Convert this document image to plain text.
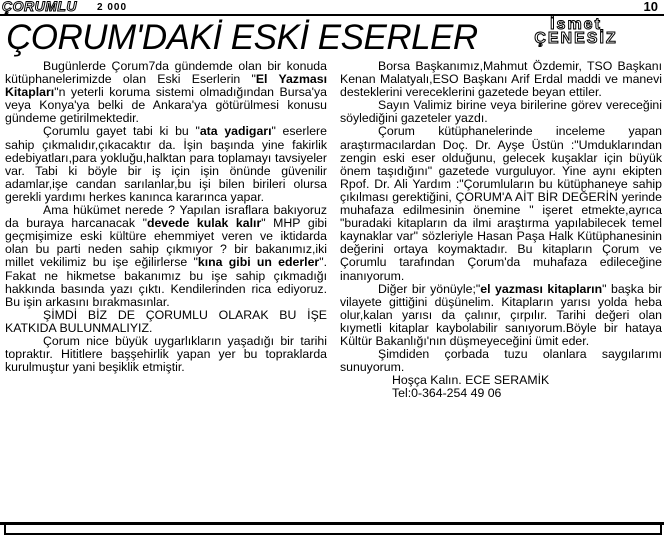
ÇORUMLU 2 000	10
ÇORUM'DAKİ ESKİ ESERLER	İsmet
ÇENESİZ

Bugünlerde Çorum7da gündemde olan bir konuda kütüphanelerimizde olan Eski Eserlerin "El Yazması Kitapları"n yeterli koruma sistemi olmadığından Bursa'ya veya Konya'ya belki de Ankara'ya götürülmesi konusu gündeme getirilmektedir.

Çorumlu gayet tabi ki bu "ata yadigarı" eserlere sahip çıkmalıdır,çıkacaktır da. İşin başında yine fakirlik edebiyatları,para yokluğu,halktan para toplamayı tavsiyeler var. Tabi ki böyle bir iş için işin önünde güvenilir adamlar,işe candan sarılanlar,bu işi bilen birileri olursa gerekli yardımı herkes kanınca kararınca yapar.

Ama hükümet nerede ? Yapılan israflara bakıyoruz da buraya harcanacak "devede kulak kalır" MHP gibi geçmişimize eski kültüre ehemmiyet veren ve iktidarda olan bu parti neden sahip çıkmıyor ? bir bakanımız,iki millet vekilimiz bu işe eğilirlerse "kına gibi un ederler". Fakat ne hikmetse bakanımız bu işe sahip çıkmadığı hakkında basında yazı çıktı. Kendilerinden rica ediyoruz. Bu işin arkasını bırakmasınlar.

ŞİMDİ BİZ DE ÇORUMLU OLARAK BU İŞE KATKIDA BULUNMALIYIZ.

Çorum nice büyük uygarlıkların yaşadığı bir tarihi topraktır. Hititlere başşehirlik yapan yer bu topraklarda kurulmuştur yani beşiklik etmiştir.

Borsa Başkanımız,Mahmut Özdemir, TSO Başkanı Kenan Malatyalı,ESO Başkanı Arif Erdal maddi ve manevi desteklerini vereceklerini gazetede beyan ettiler.

Sayın Valimiz birine veya birilerine görev vereceğini söylediğini gazeteler yazdı.

Çorum kütüphanelerinde inceleme yapan araştırmacılardan Doç. Dr. Ayşe Üstün :"Umduklarından zengin eski eser olduğunu, gelecek kuşaklar için büyük önem taşıdığını" gazetede vurguluyor. Yine aynı ekipten Rpof. Dr. Ali Yardım :"Çorumluların bu kütüphaneye sahip çıkılması gerektiğini, ÇORUM'A AİT BİR DEĞERİN yerinde muhafaza edilmesinin önemine " işeret etmekte,ayrıca "buradaki kitapların da ilmi araştırma yapılabilecek temel kaynaklar var" sözleriyle Hasan Paşa Halk Kütüphanesinin değerini ortaya koymaktadır. Bu kitapların Çorum ve Çorumlu tarafından Çorum'da muhafaza edileceğine inanıyorum.

Diğer bir yönüyle;"el yazması kitapların" başka bir vilayete gittiğini düşünelim. Kitapların yarısı yolda heba olur,kalan yarısı da çalınır, çırpılır. Tarihi değeri olan kıymetli kitaplar kaybolabilir sanıyorum.Böyle bir hataya Kültür Bakanlığı'nın düşmeyeceğini ümit eder.

Şimdiden çorbada tuzu olanlara saygılarımı sunuyorum.

Hoşça Kalın. ECE SERAMİK

Tel:0-364-254 49 06
